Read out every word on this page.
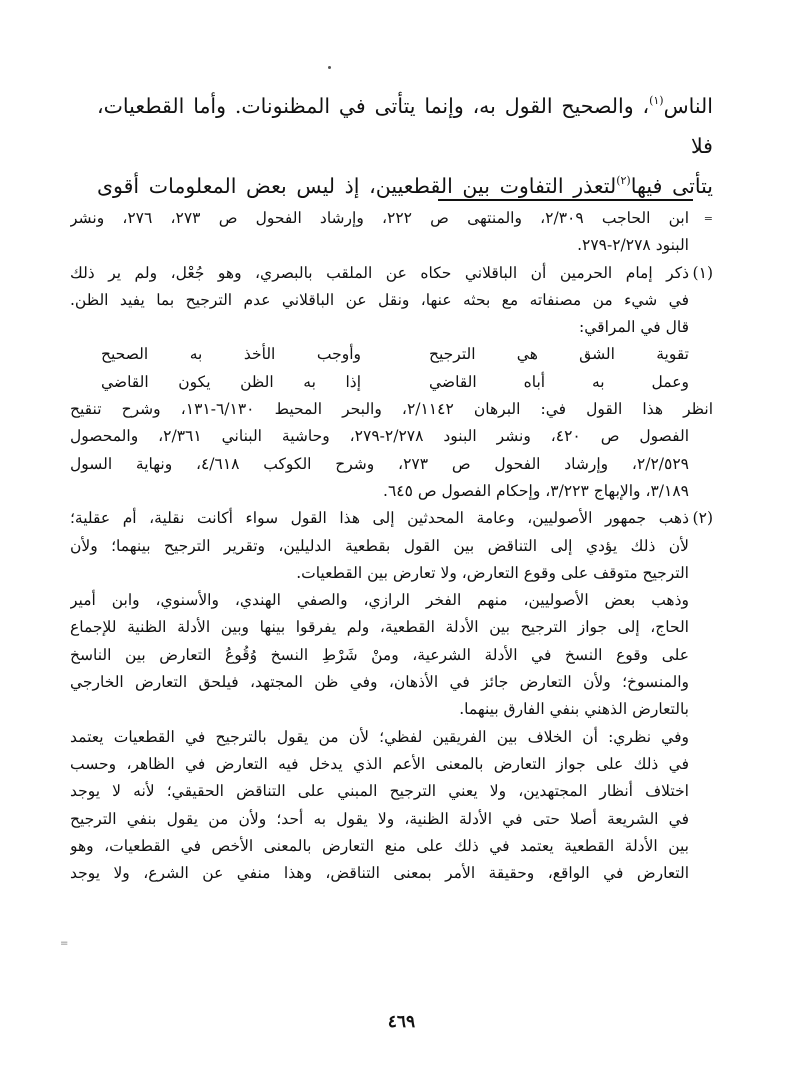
الناس$^{(١)}$، والصحيح القول به، وإنما يتأتى في المظنونات. وأما القطعيات، فلا

يتأتى فيها$^{(٢)}$لتعذر التفاوت بين القطعيين، إذ ليس بعض المعلومات أقوى

=
ابن الحاجب ٢/٣٠٩، والمنتهى ص ٢٢٢، وإرشاد الفحول ص ٢٧٣، ٢٧٦، ونشر
البنود ٢/٢٧٨-٢٧٩.
(١)
ذكر إمام الحرمين أن الباقلاني حكاه عن الملقب بالبصري، وهو جُعْل، ولم ير ذلك
في شيء من مصنفاته مع بحثه عنها، ونقل عن الباقلاني عدم الترجيح بما يفيد الظن.
قال في المراقي:
تقوية الشق هي الترجيح
وأوجب الأخذ به الصحيح
وعمل به أباه القاضي
إذا به الظن يكون القاضي
انظر هذا القول في: البرهان ٢/١١٤٢، والبحر المحيط ٦/١٣٠-١٣١، وشرح تنقيح
الفصول ص ٤٢٠، ونشر البنود ٢/٢٧٨-٢٧٩، وحاشية البناني ٢/٣٦١، والمحصول
٢/٢/٥٢٩، وإرشاد الفحول ص ٢٧٣، وشرح الكوكب ٤/٦١٨، ونهاية السول
٣/١٨٩، والإبهاج ٣/٢٢٣، وإحكام الفصول ص ٦٤٥.
(٢)
ذهب جمهور الأصوليين، وعامة المحدثين إلى هذا القول سواء أكانت نقلية، أم عقلية؛
لأن ذلك يؤدي إلى التناقض بين القول بقطعية الدليلين، وتقرير الترجيح بينهما؛ ولأن
الترجيح متوقف على وقوع التعارض، ولا تعارض بين القطعيات.
وذهب بعض الأصوليين، منهم الفخر الرازي، والصفي الهندي، والأسنوي، وابن أمير
الحاج، إلى جواز الترجيح بين الأدلة القطعية، ولم يفرقوا بينها وبين الأدلة الظنية للإجماع
على وقوع النسخ في الأدلة الشرعية، ومنْ شَرْطِ النسخ وُقُوعُ التعارض بين الناسخ
والمنسوخ؛ ولأن التعارض جائز في الأذهان، وفي ظن المجتهد، فيلحق التعارض الخارجي
بالتعارض الذهني بنفي الفارق بينهما.
وفي نظري: أن الخلاف بين الفريقين لفظي؛ لأن من يقول بالترجيح في القطعيات يعتمد
في ذلك على جواز التعارض بالمعنى الأعم الذي يدخل فيه التعارض في الظاهر، وحسب
اختلاف أنظار المجتهدين، ولا يعني الترجيح المبني على التناقض الحقيقي؛ لأنه لا يوجد
في الشريعة أصلا حتى في الأدلة الظنية، ولا يقول به أحد؛ ولأن من يقول بنفي الترجيح
بين الأدلة القطعية يعتمد في ذلك على منع التعارض بالمعنى الأخص في القطعيات، وهو
التعارض في الواقع، وحقيقة الأمر بمعنى التناقض، وهذا منفي عن الشرع، ولا يوجد
=
٤٦٩
